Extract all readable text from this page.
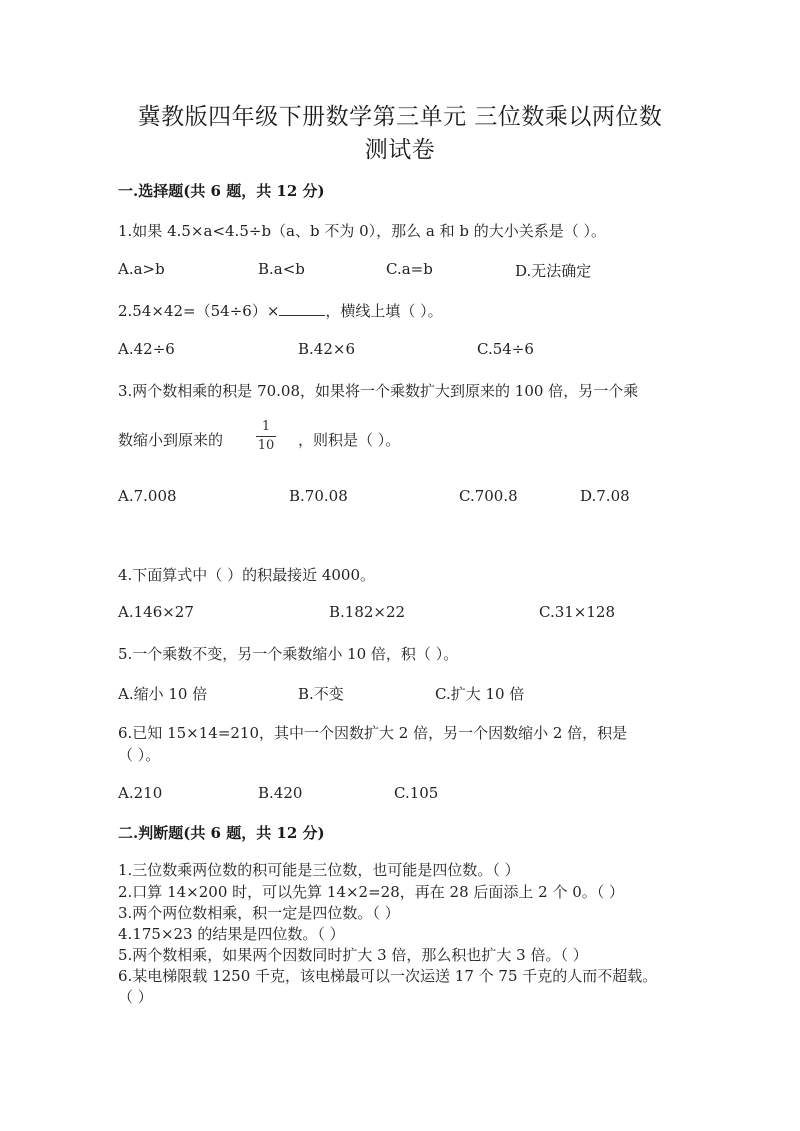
冀教版四年级下册数学第三单元 三位数乘以两位数
测试卷
一.选择题(共 6 题，共 12 分)
1.如果 4.5×a<4.5÷b（a、b 不为 0），那么 a 和 b 的大小关系是（ ）。
A.a>b	B.a<b	C.a=b	D.无法确定
2.54×42=（54÷6）×	，横线上填（ ）。
A.42÷6	B.42×6	C.54÷6
3.两个数相乘的积是 70.08，如果将一个乘数扩大到原来的 100 倍，另一个乘
数缩小到原来的
1
10 ，则积是（ ）。
A.7.008	B.70.08	C.700.8	D.7.08
4.下面算式中（ ）的积最接近 4000。
A.146×27	B.182×22	C.31×128
5.一个乘数不变，另一个乘数缩小 10 倍，积（ ）。
A.缩小 10 倍	B.不变	C.扩大 10 倍
6.已知 15×14=210，其中一个因数扩大 2 倍，另一个因数缩小 2 倍，积是
（ ）。
A.210	B.420	C.105
二.判断题(共 6 题，共 12 分)
1.三位数乘两位数的积可能是三位数，也可能是四位数。（ ）
2.口算 14×200 时，可以先算 14×2=28，再在 28 后面添上 2 个 0。（ ）
3.两个两位数相乘，积一定是四位数。（ ）
4.175×23 的结果是四位数。（ ）
5.两个数相乘，如果两个因数同时扩大 3 倍，那么积也扩大 3 倍。（ ）
6.某电梯限载 1250 千克，该电梯最可以一次运送 17 个 75 千克的人而不超载。
（ ）
